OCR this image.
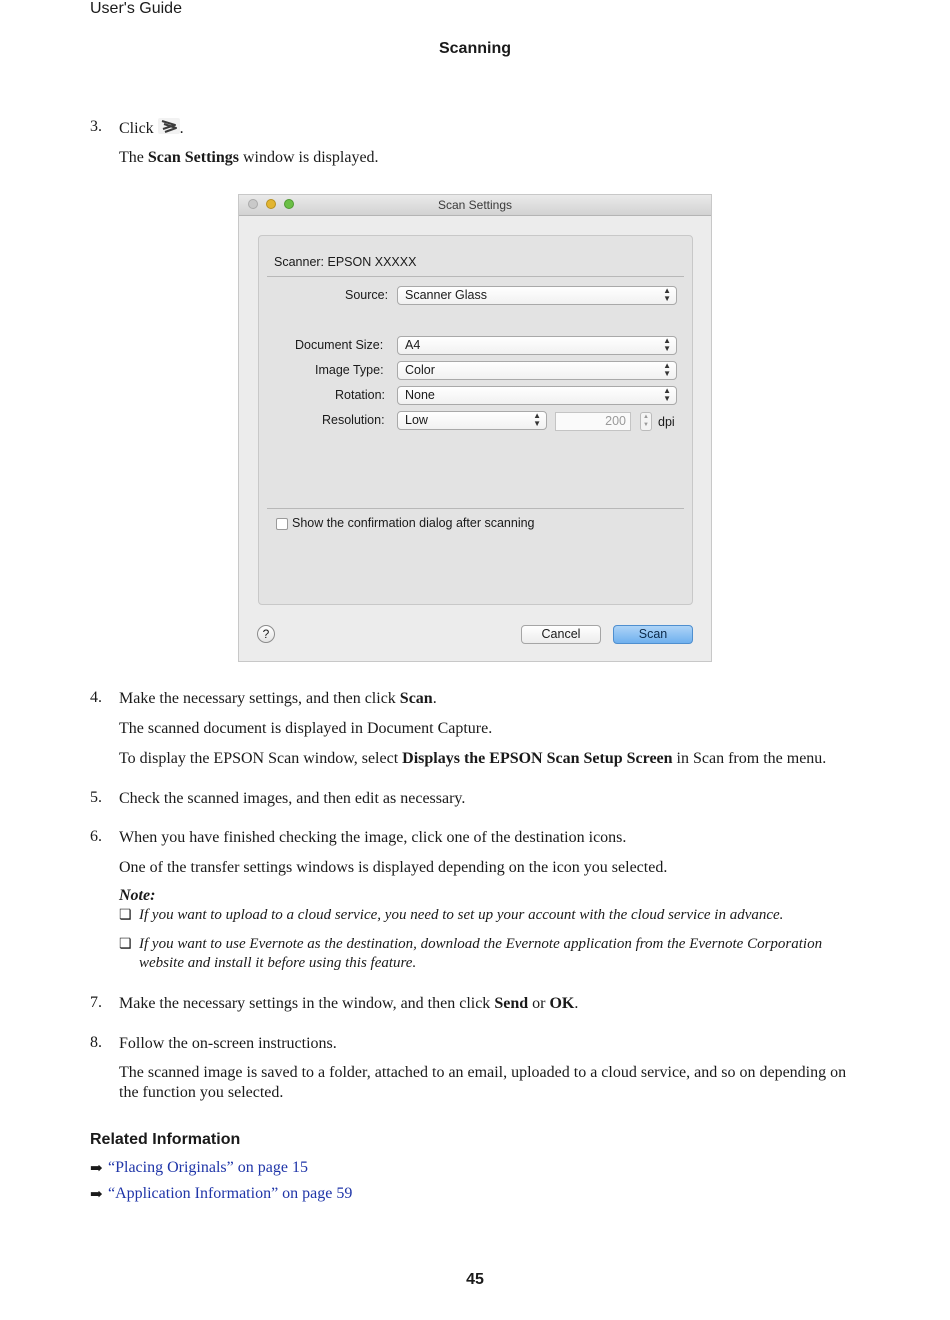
User's Guide
Scanning
3. Click .
The Scan Settings window is displayed.
Scan Settings
Scanner: EPSON XXXXX
Source: Scanner Glass	▲
▼
Document Size: A4	▲
▼
Image Type: Color	▲
▼
Rotation: None	▲
▼
Resolution: Low	▲
▼	200	▲
▼ dpi
Show the confirmation dialog after scanning
?	Cancel	Scan
4. Make the necessary settings, and then click Scan.
The scanned document is displayed in Document Capture.
To display the EPSON Scan window, select Displays the EPSON Scan Setup Screen in Scan from the menu.
5. Check the scanned images, and then edit as necessary.
6. When you have finished checking the image, click one of the destination icons.
One of the transfer settings windows is displayed depending on the icon you selected.
Note:
❏ If you want to upload to a cloud service, you need to set up your account with the cloud service in advance.
❏ If you want to use Evernote as the destination, download the Evernote application from the Evernote Corporation website and install it before using this feature.
7. Make the necessary settings in the window, and then click Send or OK.
8. Follow the on-screen instructions.
The scanned image is saved to a folder, attached to an email, uploaded to a cloud service, and so on depending on the function you selected.
Related Information
➡ “Placing Originals” on page 15
➡ “Application Information” on page 59
45
